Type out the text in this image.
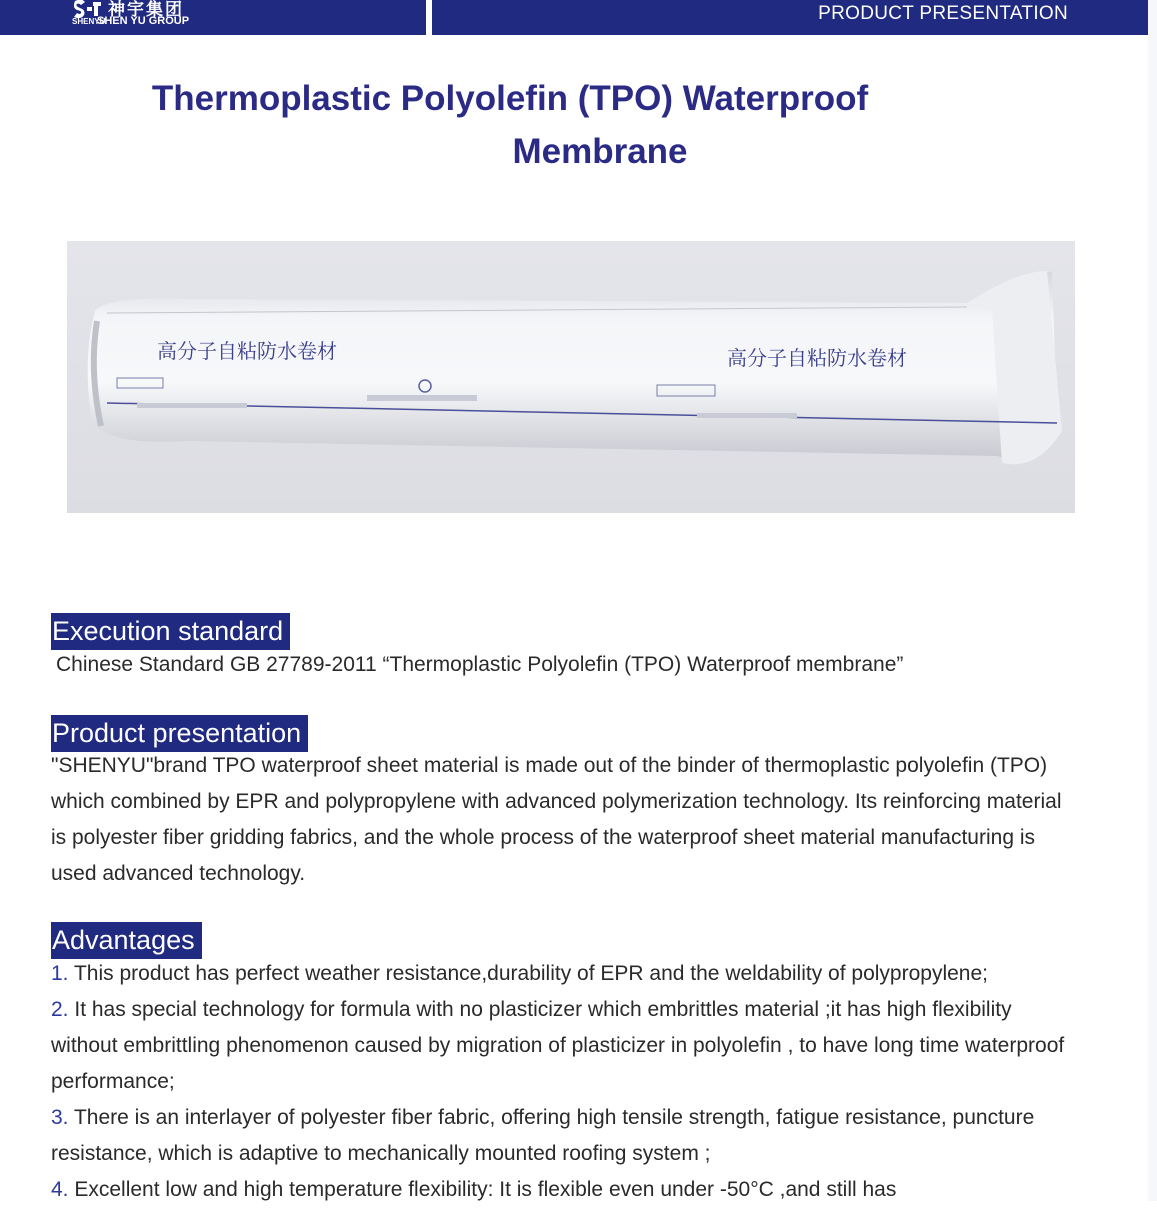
神宇集团
SHENYU
SHEN YU GROUP	PRODUCT PRESENTATION
Thermoplastic Polyolefin (TPO) Waterproof
Membrane
高分子自粘防水卷材	高分子自粘防水卷材
Execution standard
Chinese Standard GB 27789-2011 “Thermoplastic Polyolefin (TPO) Waterproof membrane”
Product presentation
"SHENYU"brand TPO waterproof sheet material is made out of the binder of thermoplastic polyolefin (TPO) which combined by EPR and polypropylene with advanced polymerization technology. Its reinforcing material is polyester fiber gridding fabrics, and the whole process of the waterproof sheet material manufacturing is used advanced technology.
Advantages
1. This product has perfect weather resistance,durability of EPR and the weldability of polypropylene;
2. It has special technology for formula with no plasticizer which embrittles material ;it has high flexibility without embrittling phenomenon caused by migration of plasticizer in polyolefin , to have long time waterproof performance;
3. There is an interlayer of polyester fiber fabric, offering high tensile strength, fatigue resistance, puncture resistance, which is adaptive to mechanically mounted roofing system ;
4. Excellent low and high temperature flexibility: It is flexible even under -50°C ,and still has
